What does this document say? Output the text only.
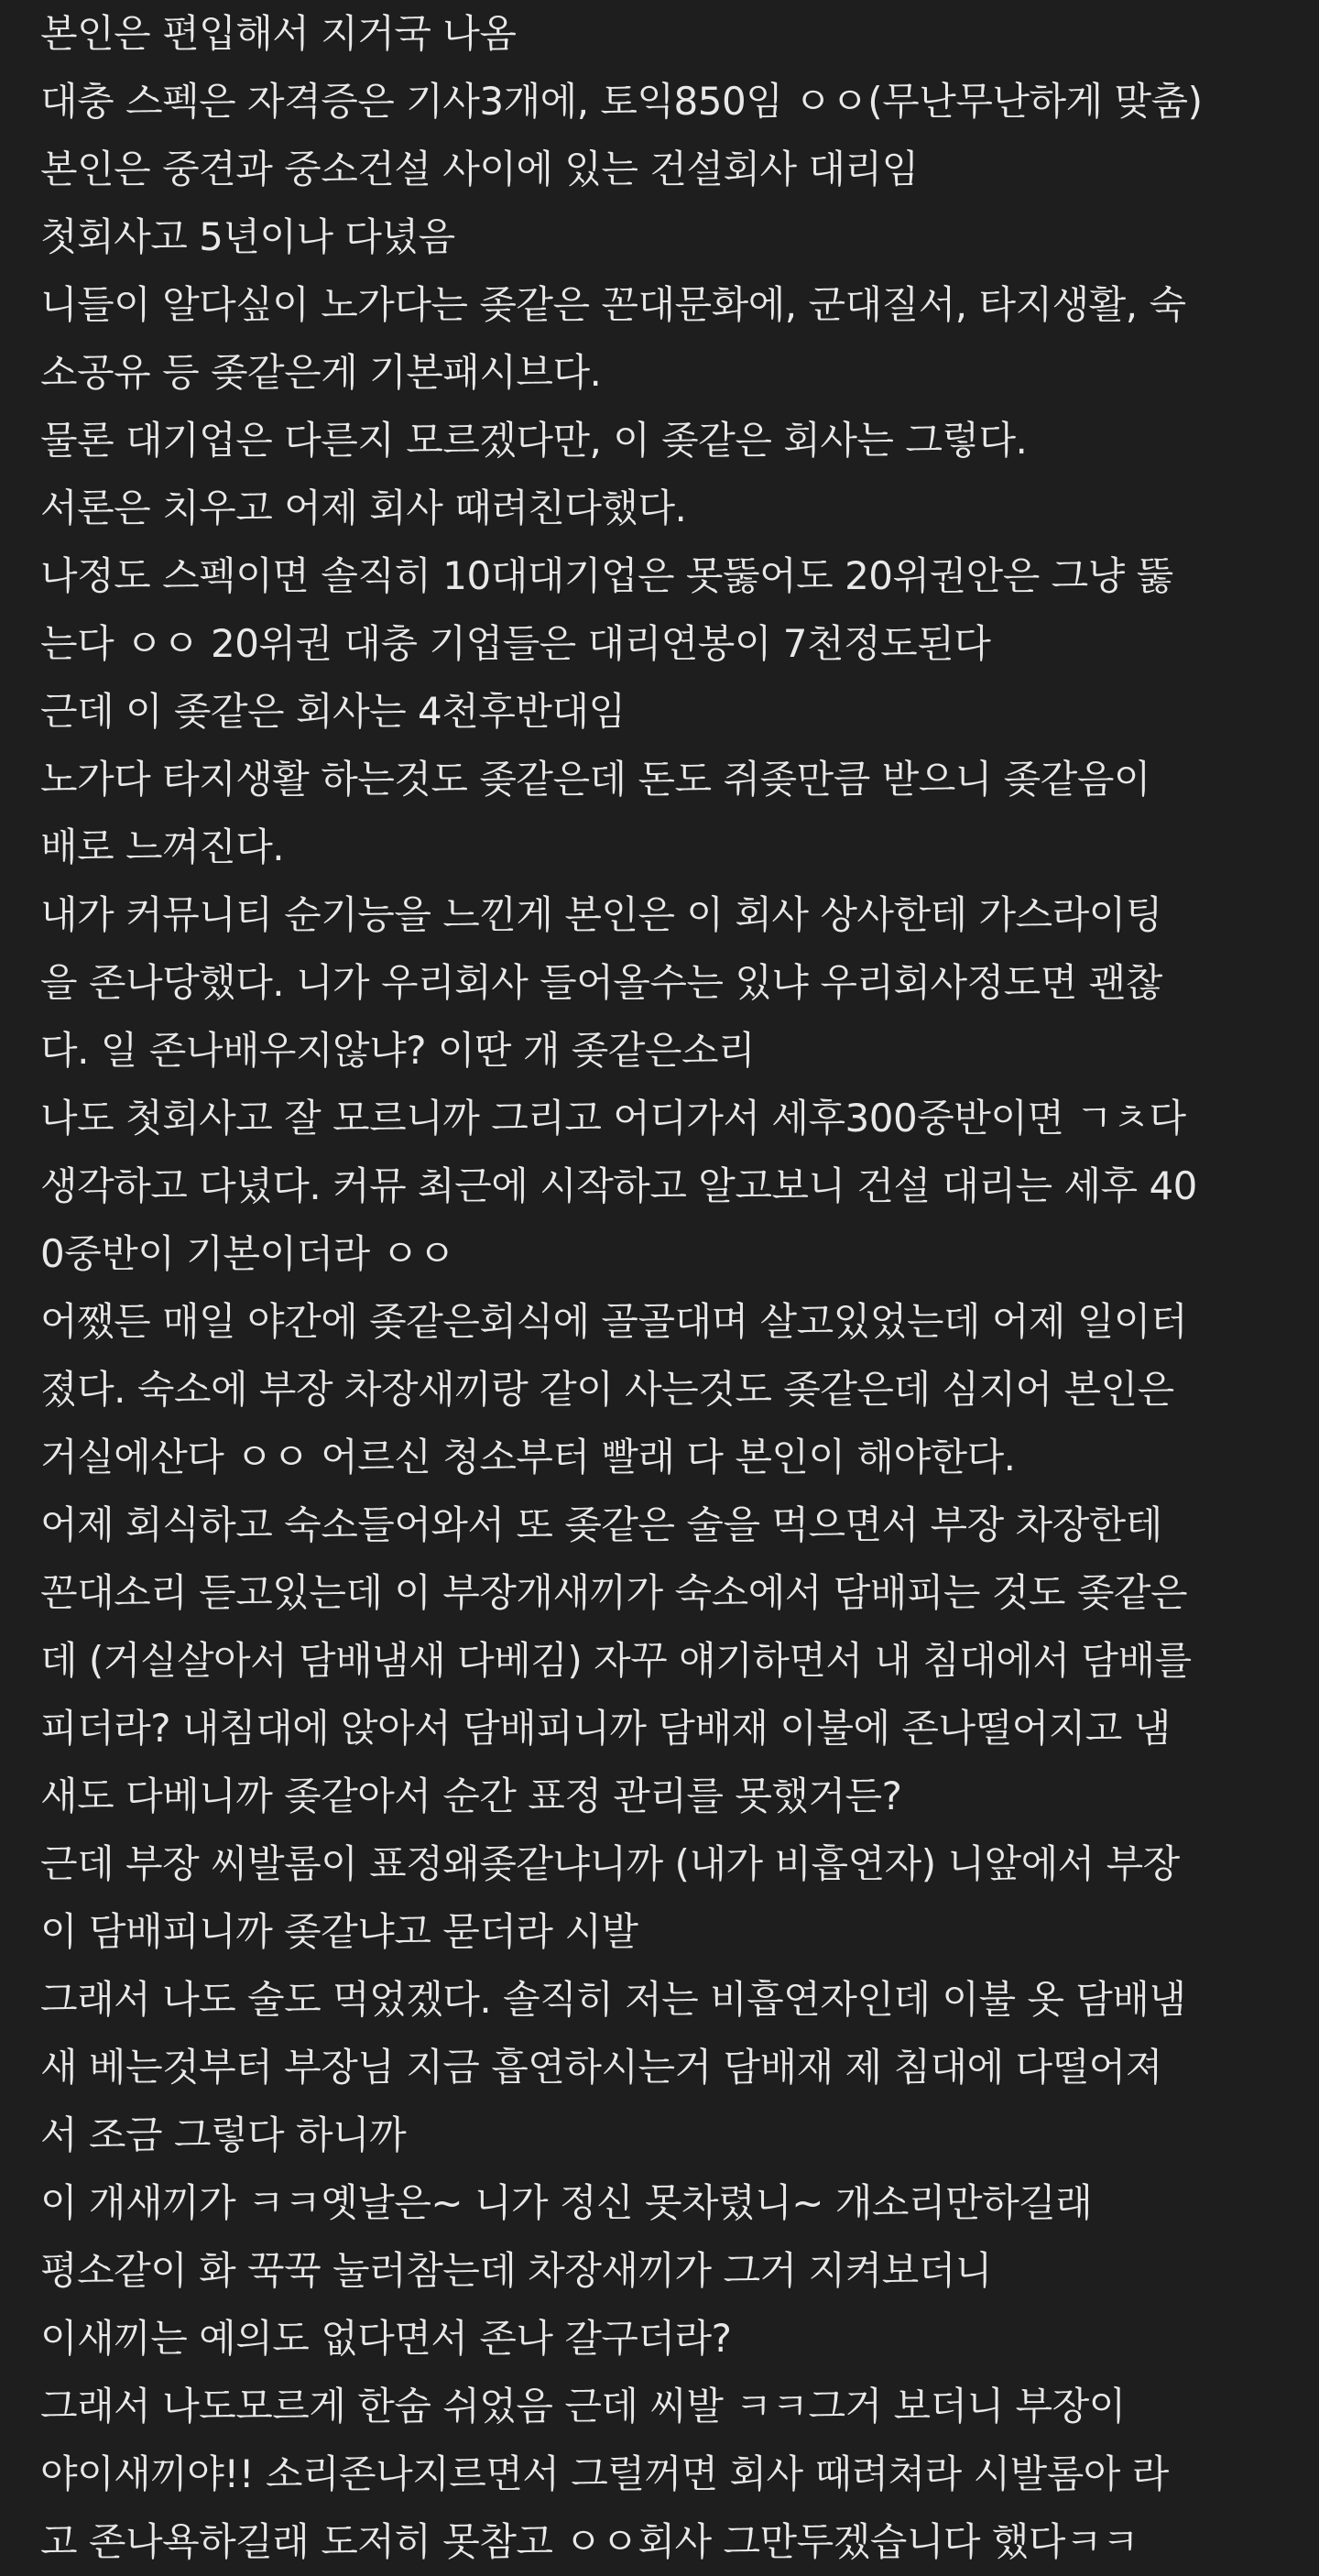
본인은 편입해서 지거국 나옴
대충 스펙은 자격증은 기사3개에, 토익850임 ㅇㅇ(무난무난하게 맞춤)
본인은 중견과 중소건설 사이에 있는 건설회사 대리임
첫회사고 5년이나 다녔음
니들이 알다싶이 노가다는 좆같은 꼰대문화에, 군대질서, 타지생활, 숙
소공유 등 좆같은게 기본패시브다.
물론 대기업은 다른지 모르겠다만, 이 좆같은 회사는 그렇다.
서론은 치우고 어제 회사 때려친다했다.
나정도 스펙이면 솔직히 10대대기업은 못뚫어도 20위권안은 그냥 뚫
는다 ㅇㅇ 20위권 대충 기업들은 대리연봉이 7천정도된다
근데 이 좆같은 회사는 4천후반대임
노가다 타지생활 하는것도 좆같은데 돈도 쥐좆만큼 받으니 좆같음이
배로 느껴진다.
내가 커뮤니티 순기능을 느낀게 본인은 이 회사 상사한테 가스라이팅
을 존나당했다. 니가 우리회사 들어올수는 있냐 우리회사정도면 괜찮
다. 일 존나배우지않냐? 이딴 개 좆같은소리
나도 첫회사고 잘 모르니까 그리고 어디가서 세후300중반이면 ㄱㅊ다
생각하고 다녔다. 커뮤 최근에 시작하고 알고보니 건설 대리는 세후 40
0중반이 기본이더라 ㅇㅇ
어쨌든 매일 야간에 좆같은회식에 골골대며 살고있었는데 어제 일이터
졌다. 숙소에 부장 차장새끼랑 같이 사는것도 좆같은데 심지어 본인은
거실에산다 ㅇㅇ 어르신 청소부터 빨래 다 본인이 해야한다.
어제 회식하고 숙소들어와서 또 좆같은 술을 먹으면서 부장 차장한테
꼰대소리 듣고있는데 이 부장개새끼가 숙소에서 담배피는 것도 좆같은
데 (거실살아서 담배냄새 다베김) 자꾸 얘기하면서 내 침대에서 담배를
피더라? 내침대에 앉아서 담배피니까 담배재 이불에 존나떨어지고 냄
새도 다베니까 좆같아서 순간 표정 관리를 못했거든?
근데 부장 씨발롬이 표정왜좆같냐니까 (내가 비흡연자) 니앞에서 부장
이 담배피니까 좆같냐고 묻더라 시발
그래서 나도 술도 먹었겠다. 솔직히 저는 비흡연자인데 이불 옷 담배냄
새 베는것부터 부장님 지금 흡연하시는거 담배재 제 침대에 다떨어져
서 조금 그렇다 하니까
이 개새끼가 ㅋㅋ옛날은~ 니가 정신 못차렸니~ 개소리만하길래
평소같이 화 꾹꾹 눌러참는데 차장새끼가 그거 지켜보더니
이새끼는 예의도 없다면서 존나 갈구더라?
그래서 나도모르게 한숨 쉬었음 근데 씨발 ㅋㅋ그거 보더니 부장이
야이새끼야!! 소리존나지르면서 그럴꺼면 회사 때려쳐라 시발롬아 라
고 존나욕하길래 도저히 못참고 ㅇㅇ회사 그만두겠습니다 했다ㅋㅋ
